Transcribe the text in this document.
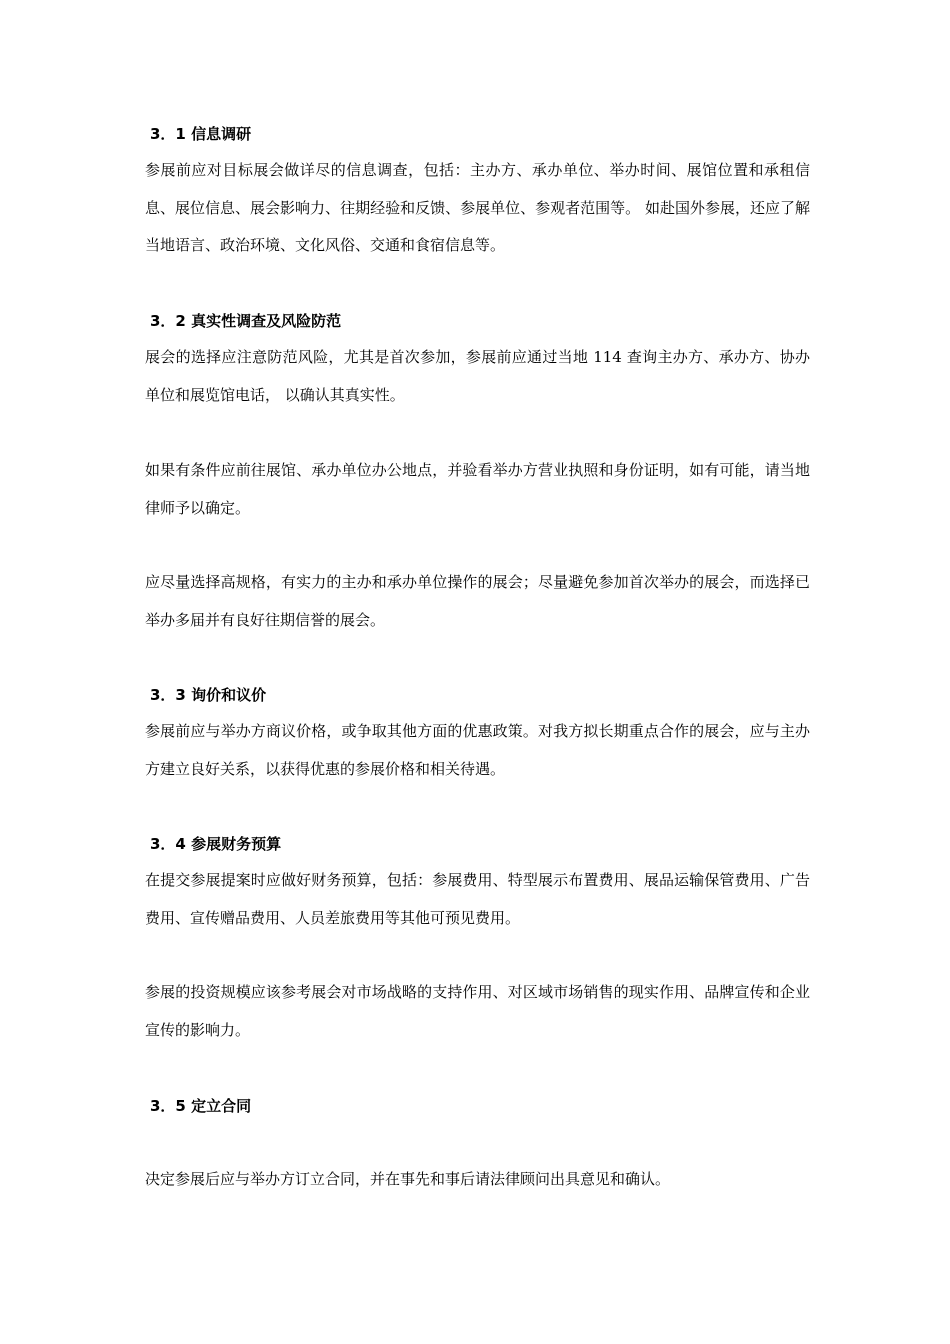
3．1 信息调研
参展前应对目标展会做详尽的信息调查，包括：主办方、承办单位、举办时间、展馆位置和承租信息、展位信息、展会影响力、往期经验和反馈、参展单位、参观者范围等。 如赴国外参展，还应了解当地语言、政治环境、文化风俗、交通和食宿信息等。
3．2 真实性调查及风险防范
展会的选择应注意防范风险，尤其是首次参加，参展前应通过当地 114 查询主办方、承办方、协办单位和展览馆电话， 以确认其真实性。
如果有条件应前往展馆、承办单位办公地点，并验看举办方营业执照和身份证明，如有可能，请当地律师予以确定。
应尽量选择高规格，有实力的主办和承办单位操作的展会；尽量避免参加首次举办的展会，而选择已举办多届并有良好往期信誉的展会。
3．3 询价和议价
参展前应与举办方商议价格，或争取其他方面的优惠政策。对我方拟长期重点合作的展会，应与主办方建立良好关系，以获得优惠的参展价格和相关待遇。
3．4 参展财务预算
在提交参展提案时应做好财务预算，包括：参展费用、特型展示布置费用、展品运输保管费用、广告费用、宣传赠品费用、人员差旅费用等其他可预见费用。
参展的投资规模应该参考展会对市场战略的支持作用、对区域市场销售的现实作用、品牌宣传和企业宣传的影响力。
3．5 定立合同
决定参展后应与举办方订立合同，并在事先和事后请法律顾问出具意见和确认。
